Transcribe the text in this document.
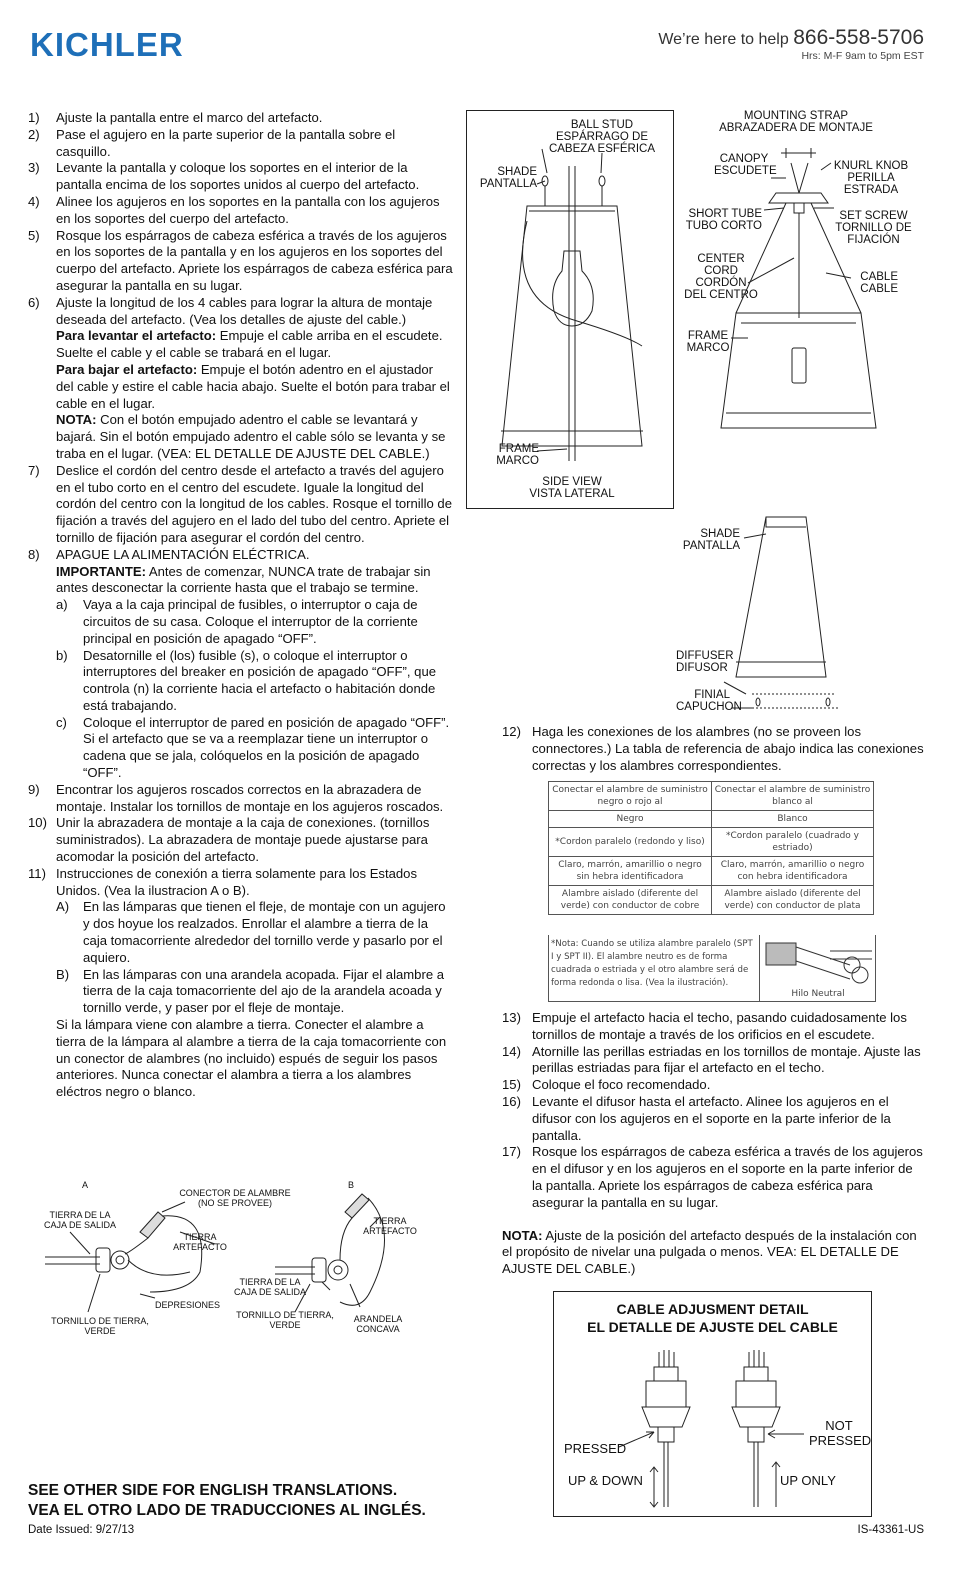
KICHLER	We’re here to help 866-558-5706
Hrs: M-F 9am to 5pm EST
1)	Ajuste la pantalla entre el marco del artefacto.
2)	Pase el agujero en la parte superior de la pantalla sobre el casquillo.
3)	Levante la pantalla y coloque los soportes en el interior de la pantalla encima de los soportes unidos al cuerpo del artefacto.
4)	Alinee los agujeros en los soportes en la pantalla con los agujeros en los soportes del cuerpo del artefacto.
5)	Rosque los espárragos de cabeza esférica a través de los agujeros en los soportes de la pantalla y en los agujeros en los soportes del cuerpo del artefacto. Apriete los espárragos de cabeza esférica para asegurar la pantalla en su lugar.
6)	Ajuste la longitud de los 4 cables para lograr la altura de montaje deseada del artefacto. (Vea los detalles de ajuste del cable.)
Para levantar el artefacto: Empuje el cable arriba en el escudete. Suelte el cable y el cable se trabará en el lugar.
Para bajar el artefacto: Empuje el botón adentro en el ajustador del cable y estire el cable hacia abajo. Suelte el botón para trabar el cable en el lugar.
NOTA: Con el botón empujado adentro el cable se levantará y bajará. Sin el botón empujado adentro el cable sólo se levanta y se traba en el lugar. (VEA: EL DETALLE DE AJUSTE DEL CABLE.)
7)	Deslice el cordón del centro desde el artefacto a través del agujero en el tubo corto en el centro del escudete. Iguale la longitud del cordón del centro con la longitud de los cables. Rosque el tornillo de fijación a través del agujero en el lado del tubo del centro. Apriete el tornillo de fijación para asegurar el cordón del centro.
8)	APAGUE LA ALIMENTACIÓN ELÉCTRICA.
IMPORTANTE: Antes de comenzar, NUNCA trate de trabajar sin antes desconectar la corriente hasta que el trabajo se termine.
a)	Vaya a la caja principal de fusibles, o interruptor o caja de circuitos de su casa. Coloque el interruptor de la corriente principal en posición de apagado “OFF”.
b)	Desatornille el (los) fusible (s), o coloque el interruptor o interruptores del breaker en posición de apagado “OFF”, que controla (n) la corriente hacia el artefacto o habitación donde está trabajando.
c)	Coloque el interruptor de pared en posición de apagado “OFF”. Si el artefacto que se va a reemplazar tiene un interruptor o cadena que se jala, colóquelos en la posición de apagado “OFF”.
9)	Encontrar los agujeros roscados correctos en la abrazadera de montaje. Instalar los tornillos de montaje en los agujeros roscados.
10) Unir la abrazadera de montaje a la caja de conexiones. (tornillos suministrados). La abrazadera de montaje puede ajustarse para acomodar la posición del artefacto.
11) Instrucciones de conexión a tierra solamente para los Estados Unidos. (Vea la ilustracion A o B).
A)	En las lámparas que tienen el fleje, de montaje con un agujero y dos hoyue los realzados. Enrollar el alambre a tierra de la caja tomacorriente alrededor del tornillo verde y pasarlo por el aquiero.
B)	En las lámparas con una arandela acopada. Fijar el alambre a tierra de la caja tomacorriente del ajo de la arandela acoada y tornillo verde, y paser por el fleje de montaje.
Si la lámpara viene con alambre a tierra. Conecter el alambre a tierra de la lámpara al alambre a tierra de la caja tomacorriente con un conector de alambres (no incluido) espués de seguir los pasos anteriores. Nunca conectar el alambra a tierra a los alambres eléctros negro o blanco.
A	B
CONECTOR DE ALAMBRE
(NO SE PROVEE)
TIERRA DE LA
CAJA DE SALIDA
TIERRA
ARTEFACTO
DEPRESIONES
TORNILLO DE TIERRA,
VERDE
TIERRA
ARTEFACTO
TIERRA DE LA
CAJA DE SALIDA
TORNILLO DE TIERRA,
VERDE
ARANDELA
CONCAVA
BALL STUD
ESPÁRRAGO DE
CABEZA ESFÉRICA
SHADE
PANTALLA
FRAME
MARCO
SIDE VIEW
VISTA LATERAL
MOUNTING STRAP
ABRAZADERA DE MONTAJE
CANOPY
ESCUDETE	KNURL KNOB
PERILLA
ESTRADA
SHORT TUBE
TUBO CORTO
SET SCREW
TORNILLO DE
FIJACIÓN
CENTER
CORD
CORDÓN
DEL CENTRO
CABLE
CABLE
FRAME
MARCO
SHADE
PANTALLA
DIFFUSER
DIFUSOR
FINIAL
CAPUCHON
12) Haga les conexiones de los alambres (no se proveen los connectores.) La tabla de referencia de abajo indica las conexiones correctas y los alambres correspondientes.
Conectar el alambre de suministro negro o rojo al	Conectar el alambre de suministro blanco al
Negro	Blanco
*Cordon paralelo (redondo y liso)	*Cordon paralelo (cuadrado y estriado)
Claro, marrón, amarillio o negro sin hebra identificadora	Claro, marrón, amarillio o negro con hebra identificadora
Alambre aislado (diferente del verde) con conductor de cobre	Alambre aislado (diferente del verde) con conductor de plata
*Nota: Cuando se utiliza alambre paralelo (SPT I y SPT II). El alambre neutro es de forma cuadrada o estriada y el otro alambre será de forma redonda o lisa. (Vea la ilustración).
Hilo Neutral
13) Empuje el artefacto hacia el techo, pasando cuidadosamente los tornillos de montaje a través de los orificios en el escudete.
14) Atornille las perillas estriadas en los tornillos de montaje. Ajuste las perillas estriadas para fijar el artefacto en el techo.
15) Coloque el foco recomendado.
16) Levante el difusor hasta el artefacto. Alinee los agujeros en el difusor con los agujeros en el soporte en la parte inferior de la pantalla.
17) Rosque los espárragos de cabeza esférica a través de los agujeros en el difusor y en los agujeros en el soporte en la parte inferior de la pantalla. Apriete los espárragos de cabeza esférica para asegurar la pantalla en su lugar.
NOTA: Ajuste de la posición del artefacto después de la instalación con el propósito de nivelar una pulgada o menos. VEA: EL DETALLE DE AJUSTE DEL CABLE.)
CABLE ADJUSMENT DETAIL
EL DETALLE DE AJUSTE DEL CABLE
PRESSED
NOT
PRESSED
UP & DOWN	UP ONLY
SEE OTHER SIDE FOR ENGLISH TRANSLATIONS.
VEA EL OTRO LADO DE TRADUCCIONES AL INGLÉS.
Date Issued: 9/27/13	IS-43361-US
